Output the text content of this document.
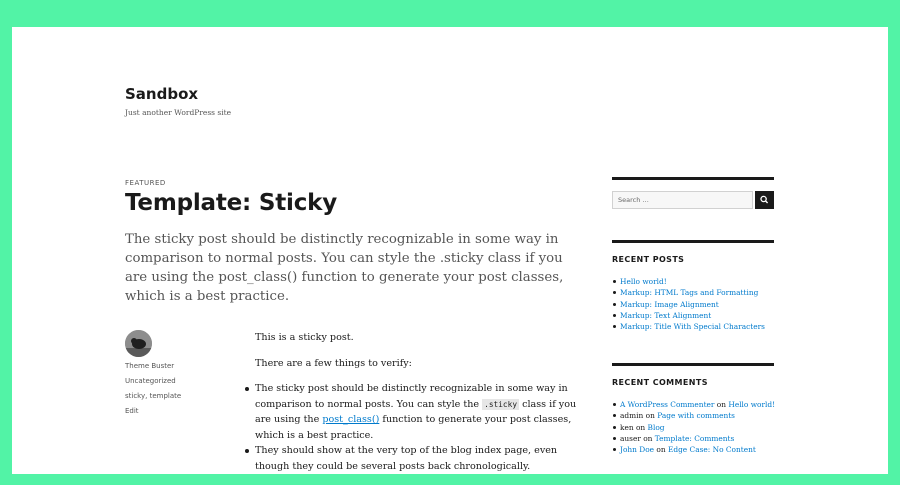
Sandbox
Just another WordPress site
FEATURED
Template: Sticky

The sticky post should be distinctly recognizable in some way in comparison to normal posts. You can style the .sticky class if you are using the post_class() function to generate your post classes, which is a best practice.

Theme Buster
Uncategorized
sticky, template
Edit

This is a sticky post.

There are a few things to verify:

The sticky post should be distinctly recognizable in some way in comparison to normal posts. You can style the .sticky class if you are using the post_class() function to generate your post classes, which is a best practice.
They should show at the very top of the blog index page, even though they could be several posts back chronologically.
Search …
RECENT POSTS
Hello world!
Markup: HTML Tags and Formatting
Markup: Image Alignment
Markup: Text Alignment
Markup: Title With Special Characters
RECENT COMMENTS
A WordPress Commenter on Hello world!
admin on Page with comments
ken on Blog
auser on Template: Comments
John Doe on Edge Case: No Content
